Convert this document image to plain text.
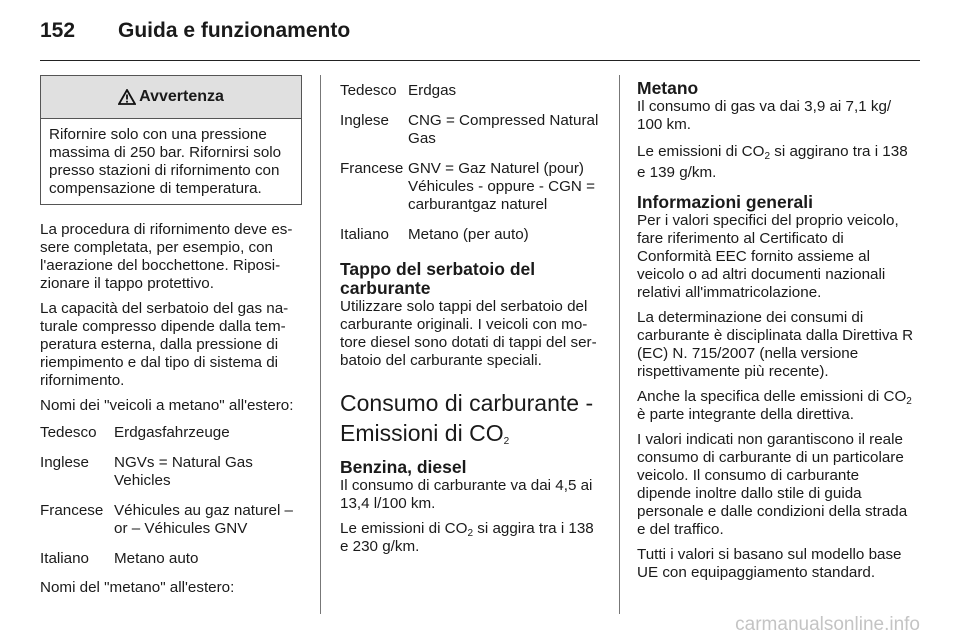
152	Guida e funzionamento
Avvertenza
Rifornire solo con una pressione massima di 250 bar. Rifornirsi solo presso stazioni di rifornimento con compensazione di temperatura.

La procedura di rifornimento deve essere completata, per esempio, con l'aerazione del bocchettone. Riposizionare il tappo protettivo.

La capacità del serbatoio del gas naturale compresso dipende dalla temperatura esterna, dalla pressione di riempimento e dal tipo di sistema di rifornimento.

Nomi dei "veicoli a metano" all'estero:

Tedesco	Erdgasfahrzeuge
Inglese	NGVs = Natural Gas Vehicles
Francese	Véhicules au gaz naturel – or – Véhicules GNV
Italiano	Metano auto

Nomi del "metano" all'estero:

Tedesco	Erdgas
Inglese	CNG = Compressed Natural Gas
Francese	GNV = Gaz Naturel (pour) Véhicules - oppure - CGN = carburantgaz naturel
Italiano	Metano (per auto)
Tappo del serbatoio del carburante

Utilizzare solo tappi del serbatoio del carburante originali. I veicoli con motore diesel sono dotati di tappi del serbatoio del carburante speciali.

Consumo di carburante - Emissioni di $CO_2$
Benzina, diesel

Il consumo di carburante va dai 4,5 ai 13,4 l/100 km.

Le emissioni di $CO_2$ si aggira tra i 138 e 230 g/km.

Metano

Il consumo di gas va dai 3,9 ai 7,1 kg/ 100 km.

Le emissioni di $CO_2$ si aggirano tra i 138 e 139 g/km.

Informazioni generali

Per i valori specifici del proprio veicolo, fare riferimento al Certificato di Conformità EEC fornito assieme al veicolo o ad altri documenti nazionali relativi all'immatricolazione.

La determinazione dei consumi di carburante è disciplinata dalla Direttiva R (EC) N. 715/2007 (nella versione rispettivamente più recente).

Anche la specifica delle emissioni di $CO_2$ è parte integrante della direttiva.

I valori indicati non garantiscono il reale consumo di carburante di un particolare veicolo. Il consumo di carburante dipende inoltre dallo stile di guida personale e dalle condizioni della strada e del traffico.

Tutti i valori si basano sul modello base UE con equipaggiamento standard.

carmanualsonline.info
